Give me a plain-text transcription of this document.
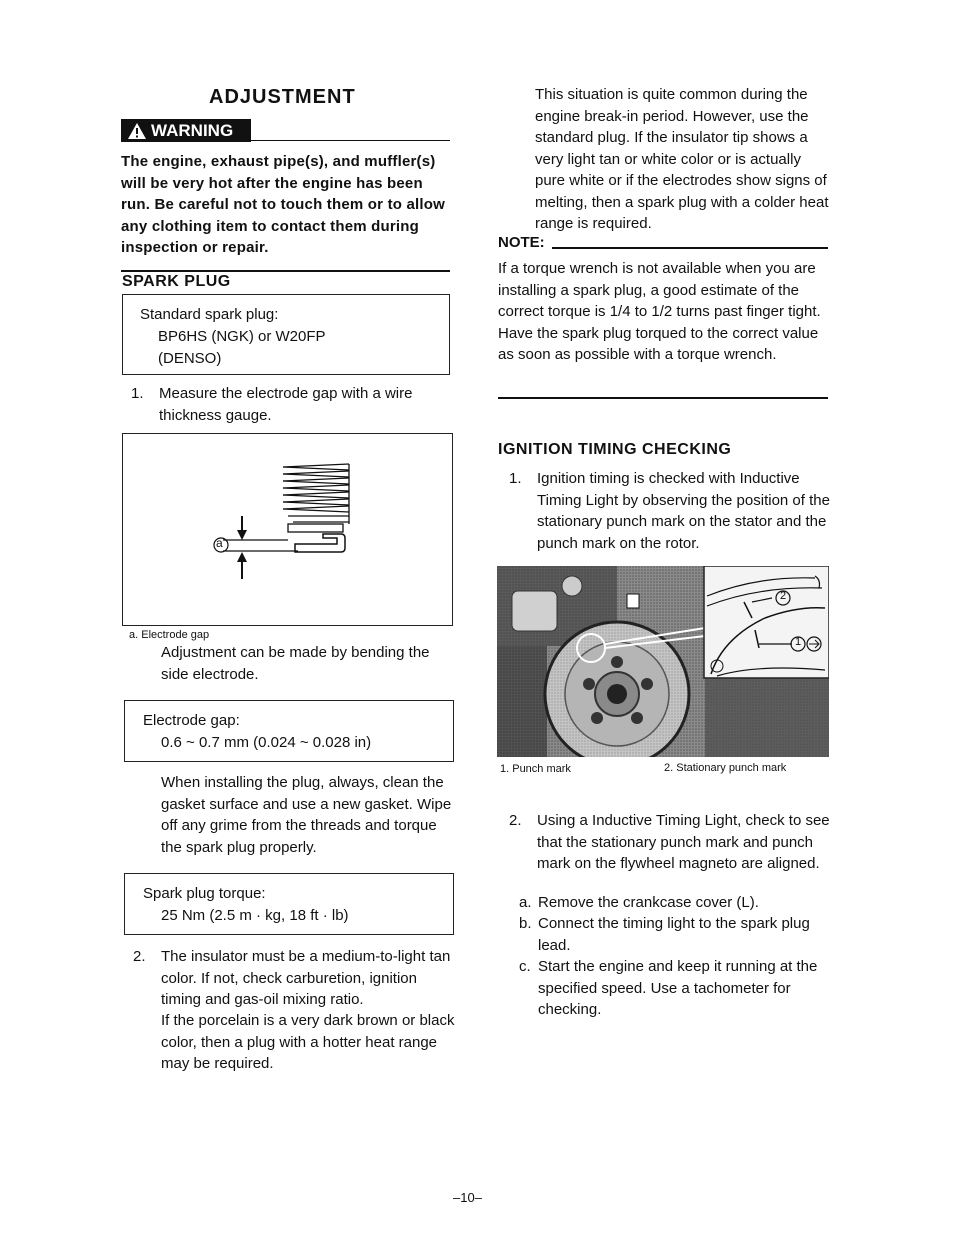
ADJUSTMENT
WARNING
The engine, exhaust pipe(s), and muffler(s) will be very hot after the engine has been run. Be careful not to touch them or to allow any clothing item to contact them during inspection or repair.
SPARK PLUG
Standard spark plug:
BP6HS (NGK) or W20FP
(DENSO)
1. Measure the electrode gap with a wire thickness gauge.
a
a. Electrode gap
Adjustment can be made by bending the side electrode.
Electrode gap:
0.6 ~ 0.7 mm (0.024 ~ 0.028 in)
When installing the plug, always, clean the gasket surface and use a new gasket. Wipe off any grime from the threads and torque the spark plug properly.
Spark plug torque:
25 Nm (2.5 m · kg, 18 ft · lb)
2. The insulator must be a medium-to-light tan color. If not, check carburetion, ignition timing and gas-oil mixing ratio.
If the porcelain is a very dark brown or black color, then a plug with a hotter heat range may be required.
This situation is quite common during the engine break-in period. However, use the standard plug. If the insulator tip shows a very light tan or white color or is actually pure white or if the electrodes show signs of melting, then a spark plug with a colder heat range is required.
NOTE:
If a torque wrench is not available when you are installing a spark plug, a good estimate of the correct torque is 1/4 to 1/2 turns past finger tight. Have the spark plug torqued to the correct value as soon as possible with a torque wrench.
IGNITION TIMING CHECKING
1. Ignition timing is checked with Inductive Timing Light by observing the position of the stationary punch mark on the stator and the punch mark on the rotor.
2
1
1. Punch mark	2. Stationary punch mark
2. Using a Inductive Timing Light, check to see that the stationary punch mark and punch mark on the flywheel magneto are aligned.
a. Remove the crankcase cover (L).
b. Connect the timing light to the spark plug lead.
c. Start the engine and keep it running at the specified speed. Use a tachometer for checking.
–10–
